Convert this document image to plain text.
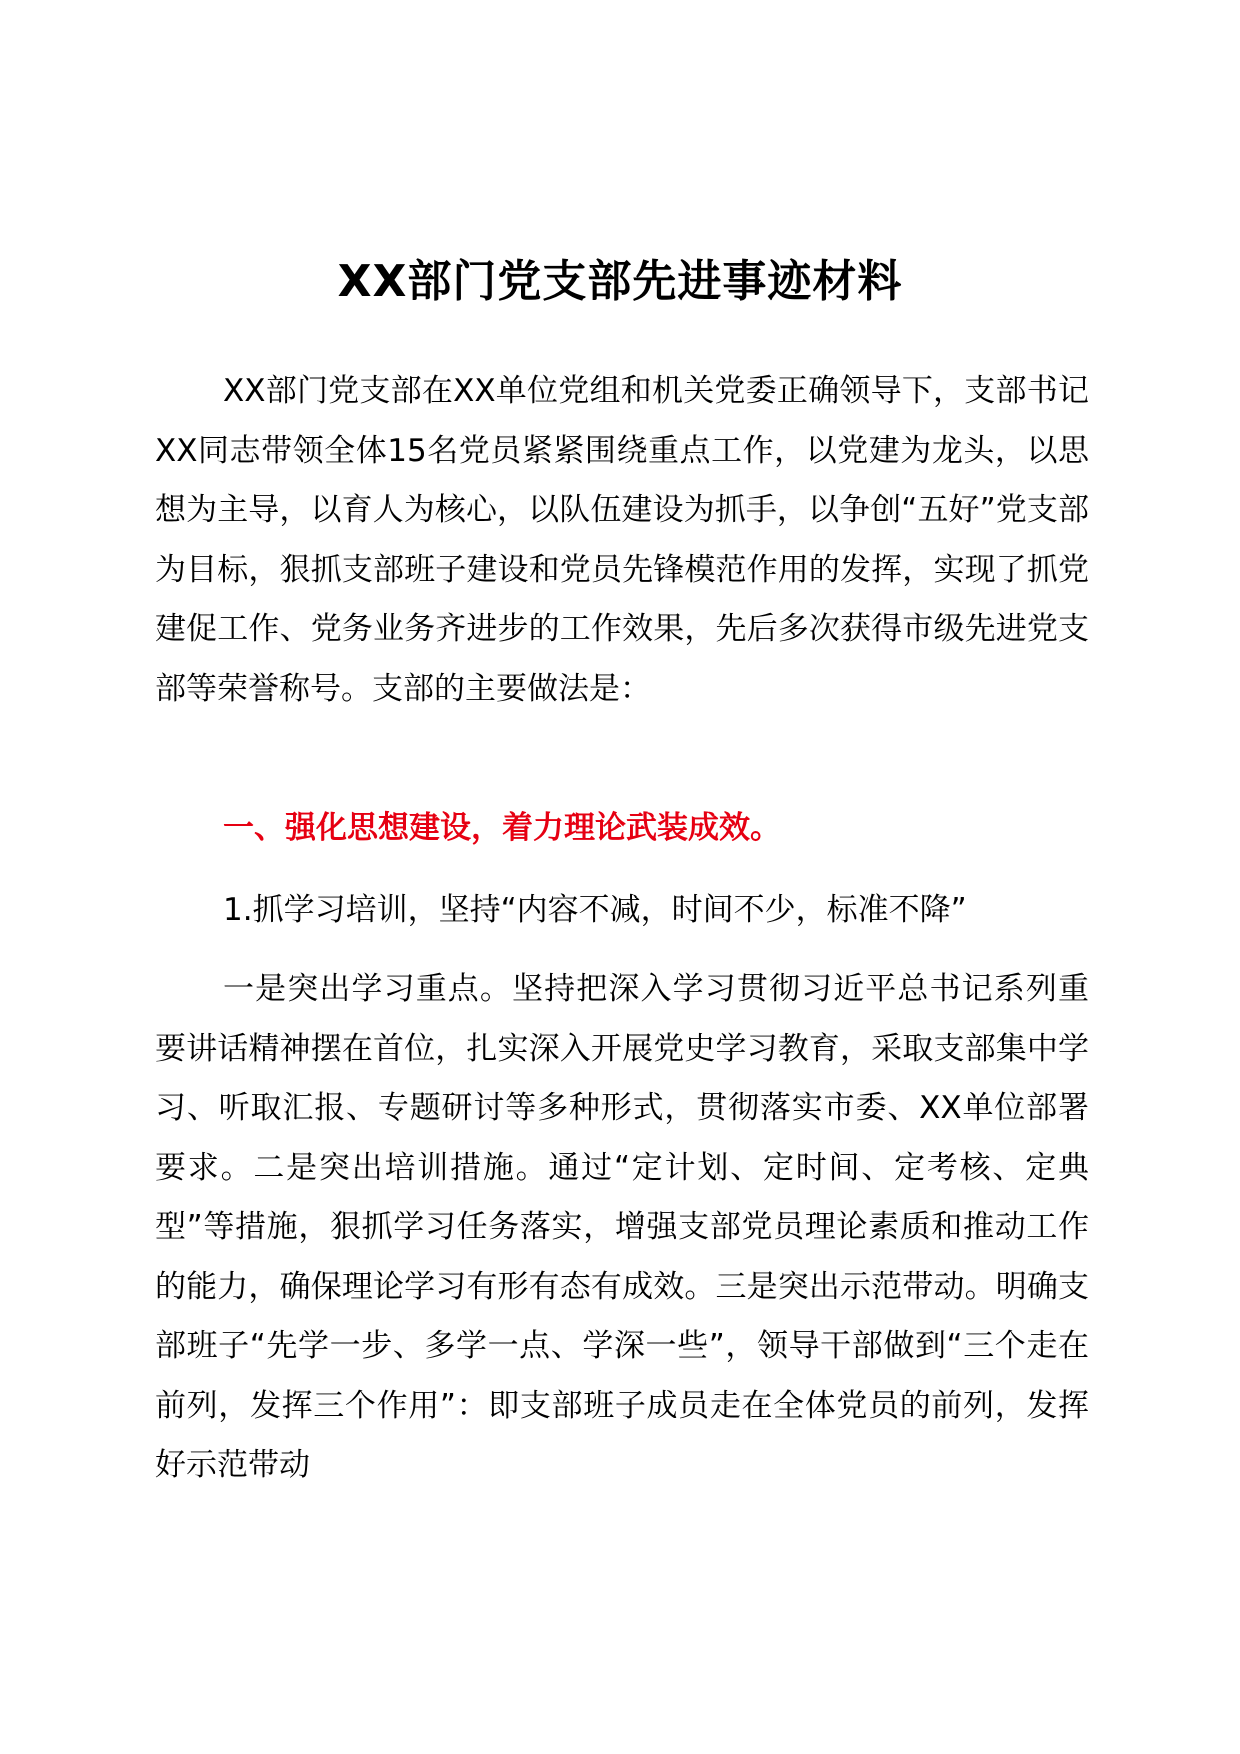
XX部门党支部先进事迹材料

XX部门党支部在XX单位党组和机关党委正确领导下，支部书记XX同志带领全体15名党员紧紧围绕重点工作，以党建为龙头，以思想为主导，以育人为核心，以队伍建设为抓手，以争创“五好”党支部为目标，狠抓支部班子建设和党员先锋模范作用的发挥，实现了抓党建促工作、党务业务齐进步的工作效果，先后多次获得市级先进党支部等荣誉称号。支部的主要做法是：

一、强化思想建设，着力理论武装成效。

1.抓学习培训，坚持“内容不减，时间不少，标准不降”

一是突出学习重点。坚持把深入学习贯彻习近平总书记系列重要讲话精神摆在首位，扎实深入开展党史学习教育，采取支部集中学习、听取汇报、专题研讨等多种形式，贯彻落实市委、XX单位部署要求。二是突出培训措施。通过“定计划、定时间、定考核、定典型”等措施，狠抓学习任务落实，增强支部党员理论素质和推动工作的能力，确保理论学习有形有态有成效。三是突出示范带动。明确支部班子“先学一步、多学一点、学深一些”，领导干部做到“三个走在前列，发挥三个作用”：即支部班子成员走在全体党员的前列，发挥好示范带动
